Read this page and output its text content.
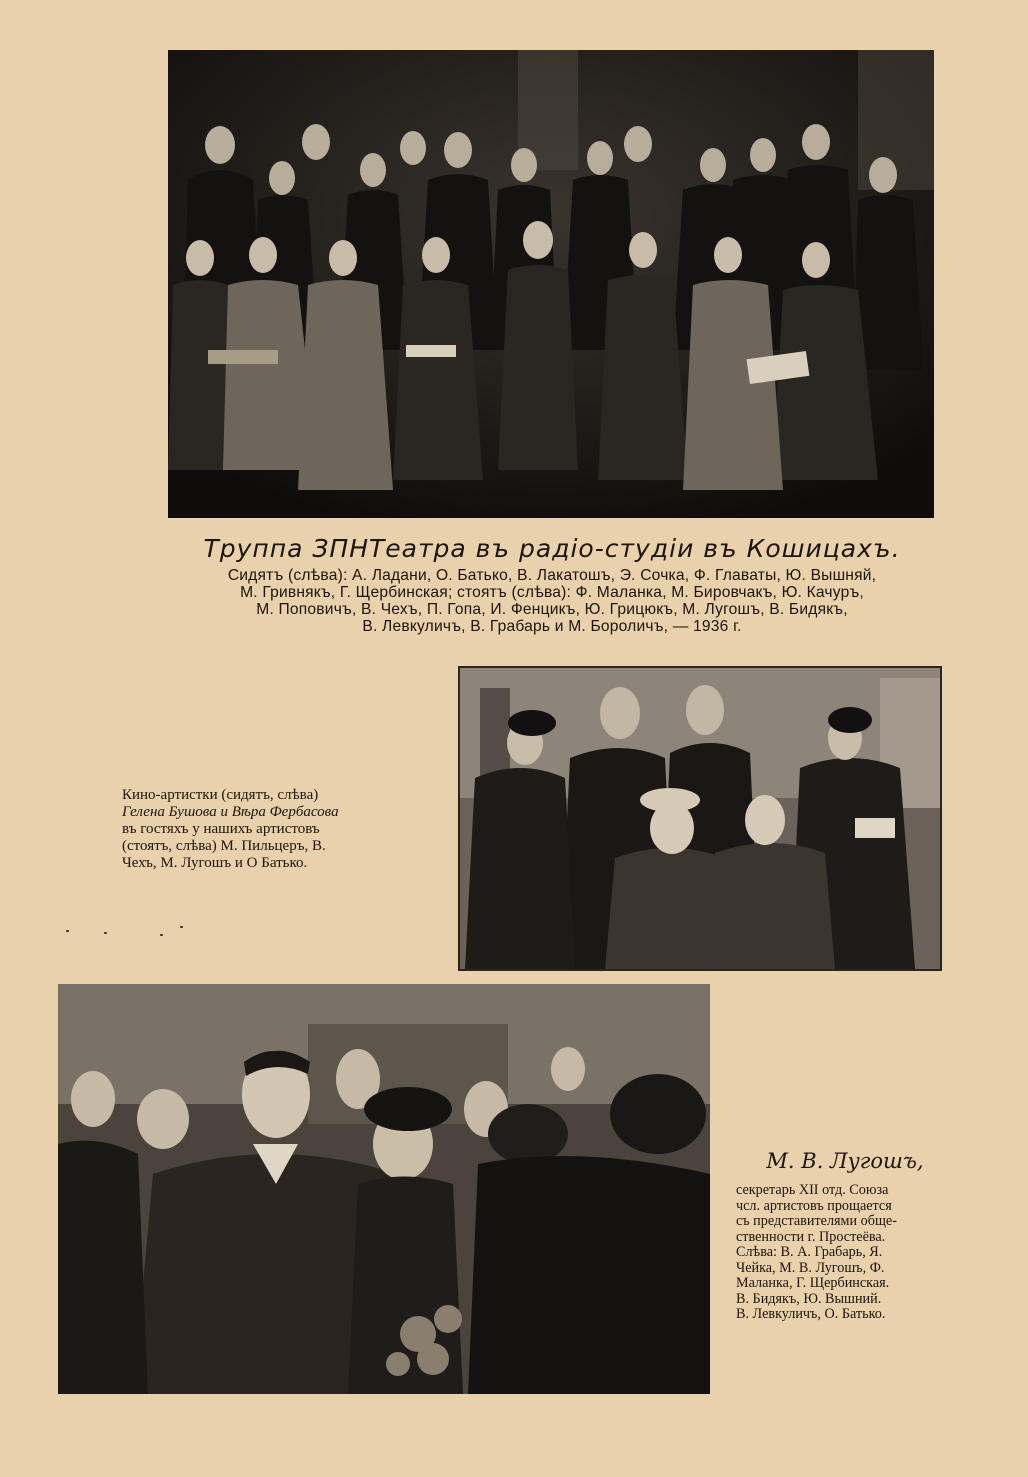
Труппа ЗПНТеатра въ радіо-студіи въ Кошицахъ.

Сидятъ (слѣва): А. Ладани, О. Батько, В. Лакатошъ, Э. Сочка, Ф. Главаты, Ю. Вышняй,
М. Гривнякъ, Г. Щербинская; стоятъ (слѣва): Ф. Маланка, М. Бировчакъ, Ю. Качуръ,
М. Поповичъ, В. Чехъ, П. Гопа, И. Фенцикъ, Ю. Грицюкъ, М. Лугошъ, В. Бидякъ,
В. Левкуличъ, В. Грабарь и М. Бороличъ, — 1936 г.

Кино-артистки (сидятъ, слѣва)
Гелена Бушова и Вѣра Фербасова
въ гостяхъ у нашихъ артистовъ
(стоятъ, слѣва) М. Пильцеръ, В.
Чехъ, М. Лугошъ и О Батько.

М. В. Лугошъ,

секретарь XII отд. Союза
чсл. артистовъ прощается
съ представителями обще-
ственности г. Простеёва.
Слѣва: В. А. Грабарь, Я.
Чейка, М. В. Лугошъ, Ф.
Маланка, Г. Щербинская.
В. Бидякъ, Ю. Вышний.
В. Левкуличъ, О. Батько.
